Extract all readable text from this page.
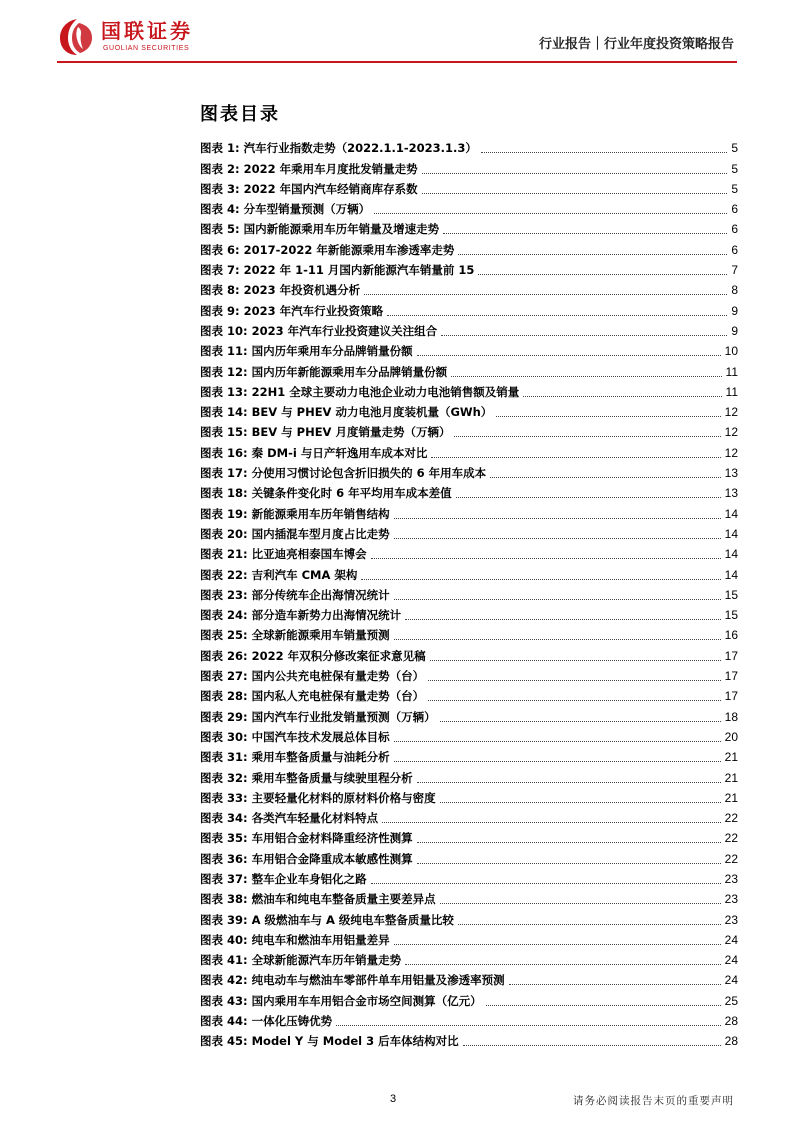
国联证券
GUOLIAN SECURITIES	行业报告｜行业年度投资策略报告
图表目录
图表 1: 汽车行业指数走势（2022.1.1-2023.1.3）	5
图表 2: 2022 年乘用车月度批发销量走势	5
图表 3: 2022 年国内汽车经销商库存系数	5
图表 4: 分车型销量预测（万辆）	6
图表 5: 国内新能源乘用车历年销量及增速走势	6
图表 6: 2017-2022 年新能源乘用车渗透率走势	6
图表 7: 2022 年 1-11 月国内新能源汽车销量前 15	7
图表 8: 2023 年投资机遇分析	8
图表 9: 2023 年汽车行业投资策略	9
图表 10: 2023 年汽车行业投资建议关注组合	9
图表 11: 国内历年乘用车分品牌销量份额	10
图表 12: 国内历年新能源乘用车分品牌销量份额	11
图表 13: 22H1 全球主要动力电池企业动力电池销售额及销量	11
图表 14: BEV 与 PHEV 动力电池月度装机量（GWh）	12
图表 15: BEV 与 PHEV 月度销量走势（万辆）	12
图表 16: 秦 DM-i 与日产轩逸用车成本对比	12
图表 17: 分使用习惯讨论包含折旧损失的 6 年用车成本	13
图表 18: 关键条件变化时 6 年平均用车成本差值	13
图表 19: 新能源乘用车历年销售结构	14
图表 20: 国内插混车型月度占比走势	14
图表 21: 比亚迪亮相泰国车博会	14
图表 22: 吉利汽车 CMA 架构	14
图表 23: 部分传统车企出海情况统计	15
图表 24: 部分造车新势力出海情况统计	15
图表 25: 全球新能源乘用车销量预测	16
图表 26: 2022 年双积分修改案征求意见稿	17
图表 27: 国内公共充电桩保有量走势（台）	17
图表 28: 国内私人充电桩保有量走势（台）	17
图表 29: 国内汽车行业批发销量预测（万辆）	18
图表 30: 中国汽车技术发展总体目标	20
图表 31: 乘用车整备质量与油耗分析	21
图表 32: 乘用车整备质量与续驶里程分析	21
图表 33: 主要轻量化材料的原材料价格与密度	21
图表 34: 各类汽车轻量化材料特点	22
图表 35: 车用铝合金材料降重经济性测算	22
图表 36: 车用铝合金降重成本敏感性测算	22
图表 37: 整车企业车身铝化之路	23
图表 38: 燃油车和纯电车整备质量主要差异点	23
图表 39: A 级燃油车与 A 级纯电车整备质量比较	23
图表 40: 纯电车和燃油车用铝量差异	24
图表 41: 全球新能源汽车历年销量走势	24
图表 42: 纯电动车与燃油车零部件单车用铝量及渗透率预测	24
图表 43: 国内乘用车车用铝合金市场空间测算（亿元）	25
图表 44: 一体化压铸优势	28
图表 45: Model Y 与 Model 3 后车体结构对比	28
3	请务必阅读报告末页的重要声明
